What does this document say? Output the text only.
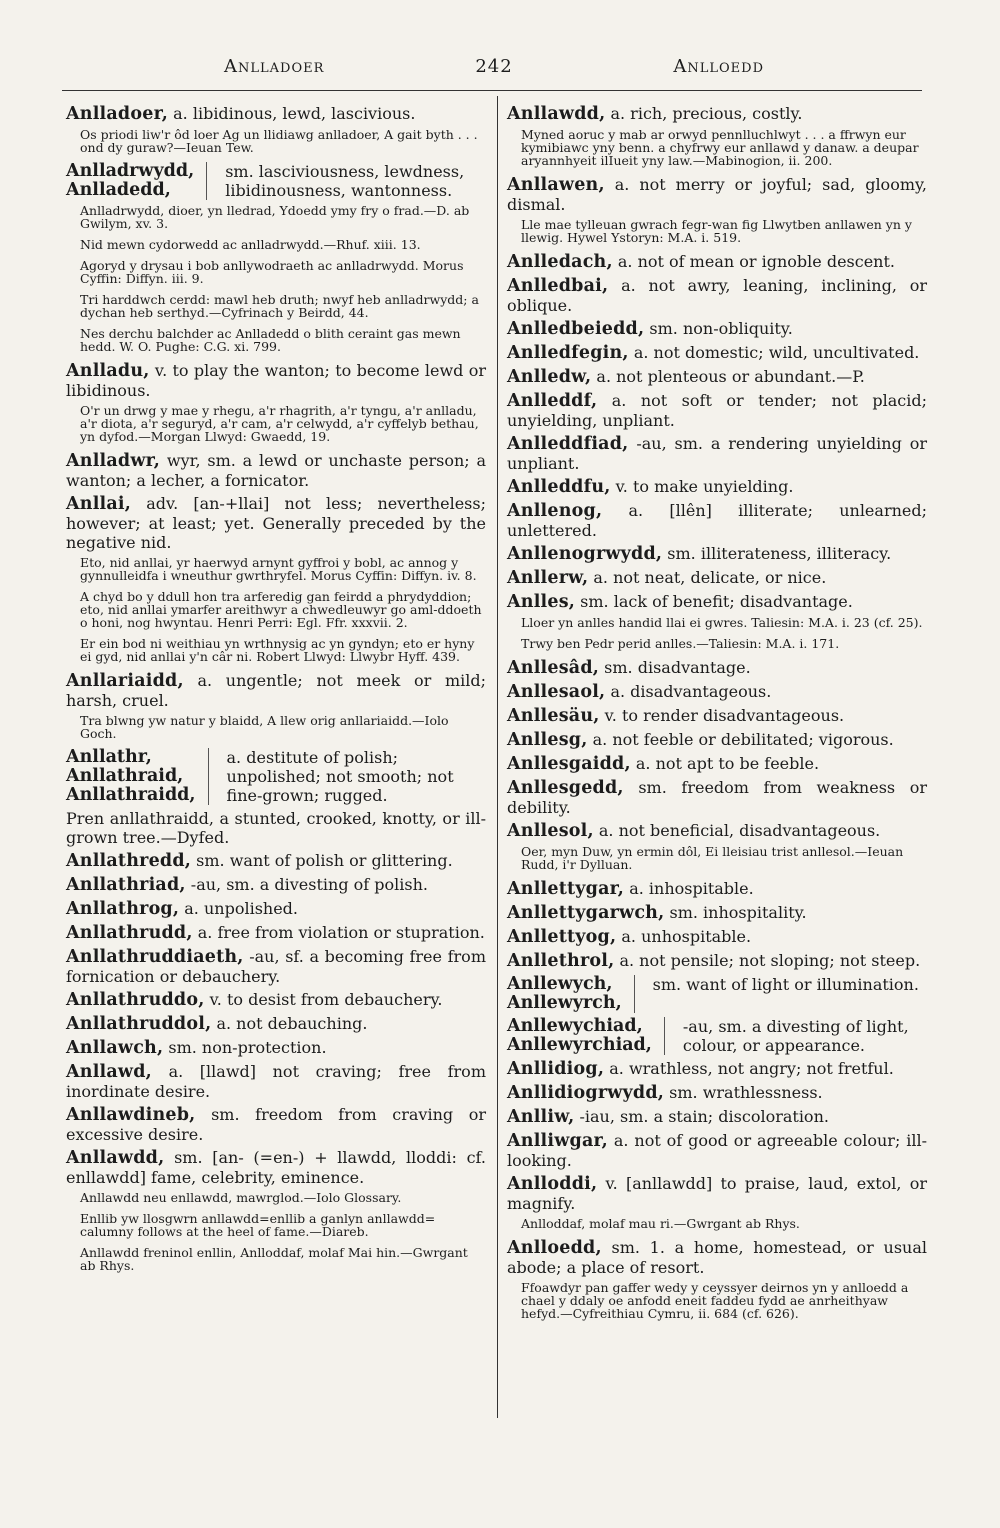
Anlladoer	242	Anlloedd
Anlladoer, a. libidinous, lewd, lascivious.
Os priodi liw'r ôd loer Ag un llidiawg anlladoer, A gait byth . . . ond dy guraw?—Ieuan Tew.
Anlladrwydd,
Anlladedd,
sm. lasciviousness, lewdness, libidinousness, wantonness.
Anlladrwydd, dioer, yn lledrad, Ydoedd ymy fry o frad.—D. ab Gwilym, xv. 3.
Nid mewn cydorwedd ac anlladrwydd.—Rhuf. xiii. 13.
Agoryd y drysau i bob anllywodraeth ac anlladrwydd. Morus Cyffin: Diffyn. iii. 9.
Tri harddwch cerdd: mawl heb druth; nwyf heb anlladrwydd; a dychan heb serthyd.—Cyfrinach y Beirdd, 44.
Nes derchu balchder ac Anlladedd o blith ceraint gas mewn hedd. W. O. Pughe: C.G. xi. 799.
Anlladu, v. to play the wanton; to become lewd or libidinous.
O'r un drwg y mae y rhegu, a'r rhagrith, a'r tyngu, a'r anlladu, a'r diota, a'r seguryd, a'r cam, a'r celwydd, a'r cyffelyb bethau, yn dyfod.—Morgan Llwyd: Gwaedd, 19.
Anlladwr, wyr, sm. a lewd or unchaste person; a wanton; a lecher, a fornicator.
Anllai, adv. [an-+llai] not less; nevertheless; however; at least; yet. Generally preceded by the negative nid.
Eto, nid anllai, yr haerwyd arnynt gyffroi y bobl, ac annog y gynnulleidfa i wneuthur gwrthryfel. Morus Cyffin: Diffyn. iv. 8.
A chyd bo y ddull hon tra arferedig gan feirdd a phrydyddion; eto, nid anllai ymarfer areithwyr a chwedleuwyr go aml-ddoeth o honi, nog hwyntau. Henri Perri: Egl. Ffr. xxxvii. 2.
Er ein bod ni weithiau yn wrthnysig ac yn gyndyn; eto er hyny ei gyd, nid anllai y'n câr ni. Robert Llwyd: Llwybr Hyff. 439.
Anllariaidd, a. ungentle; not meek or mild; harsh, cruel.
Tra blwng yw natur y blaidd, A llew orig anllariaidd.—Iolo Goch.
Anllathr,
Anllathraid,
Anllathraidd,
a. destitute of polish; unpolished; not smooth; not fine-grown; rugged.
Pren anllathraidd, a stunted, crooked, knotty, or ill-grown tree.—Dyfed.
Anllathredd, sm. want of polish or glittering.
Anllathriad, -au, sm. a divesting of polish.
Anllathrog, a. unpolished.
Anllathrudd, a. free from violation or stupration.
Anllathruddiaeth, -au, sf. a becoming free from fornication or debauchery.
Anllathruddo, v. to desist from debauchery.
Anllathruddol, a. not debauching.
Anllawch, sm. non-protection.
Anllawd, a. [llawd] not craving; free from inordinate desire.
Anllawdineb, sm. freedom from craving or excessive desire.
Anllawdd, sm. [an- (=en-) + llawdd, lloddi: cf. enllawdd] fame, celebrity, eminence.
Anllawdd neu enllawdd, mawrglod.—Iolo Glossary.
Enllib yw llosgwrn anllawdd=enllib a ganlyn anllawdd= calumny follows at the heel of fame.—Diareb.
Anllawdd freninol enllin, Anlloddaf, molaf Mai hin.—Gwrgant ab Rhys.
Anllawdd, a. rich, precious, costly.
Myned aoruc y mab ar orwyd pennlluchlwyt . . . a ffrwyn eur kymibiawc yny benn. a chyfrwy eur anllawd y danaw. a deupar aryannhyeit ilIueit yny law.—Mabinogion, ii. 200.
Anllawen, a. not merry or joyful; sad, gloomy, dismal.
Lle mae tylleuan gwrach fegr-wan fig Llwytben anllawen yn y llewig. Hywel Ystoryn: M.A. i. 519.
Anlledach, a. not of mean or ignoble descent.
Anlledbai, a. not awry, leaning, inclining, or oblique.
Anlledbeiedd, sm. non-obliquity.
Anlledfegin, a. not domestic; wild, uncultivated.
Anlledw, a. not plenteous or abundant.—P.
Anlleddf, a. not soft or tender; not placid; unyielding, unpliant.
Anlleddfiad, -au, sm. a rendering unyielding or unpliant.
Anlleddfu, v. to make unyielding.
Anllenog, a. [llên] illiterate; unlearned; unlettered.
Anllenogrwydd, sm. illiterateness, illiteracy.
Anllerw, a. not neat, delicate, or nice.
Anlles, sm. lack of benefit; disadvantage.
Lloer yn anlles handid llai ei gwres. Taliesin: M.A. i. 23 (cf. 25).
Trwy ben Pedr perid anlles.—Taliesin: M.A. i. 171.
Anllesâd, sm. disadvantage.
Anllesaol, a. disadvantageous.
Anllesäu, v. to render disadvantageous.
Anllesg, a. not feeble or debilitated; vigorous.
Anllesgaidd, a. not apt to be feeble.
Anllesgedd, sm. freedom from weakness or debility.
Anllesol, a. not beneficial, disadvantageous.
Oer, myn Duw, yn ermin dôl, Ei lleisiau trist anllesol.—Ieuan Rudd, i'r Dylluan.
Anllettygar, a. inhospitable.
Anllettygarwch, sm. inhospitality.
Anllettyog, a. unhospitable.
Anllethrol, a. not pensile; not sloping; not steep.
Anllewych,
Anllewyrch,
sm. want of light or illumination.
Anllewychiad,
Anllewyrchiad,
-au, sm. a divesting of light, colour, or appearance.
Anllidiog, a. wrathless, not angry; not fretful.
Anllidiogrwydd, sm. wrathlessness.
Anlliw, -iau, sm. a stain; discoloration.
Anlliwgar, a. not of good or agreeable colour; ill-looking.
Anlloddi, v. [anllawdd] to praise, laud, extol, or magnify.
Anlloddaf, molaf mau ri.—Gwrgant ab Rhys.
Anlloedd, sm. 1. a home, homestead, or usual abode; a place of resort.
Ffoawdyr pan gaffer wedy y ceyssyer deirnos yn y anlloedd a chael y ddaly oe anfodd eneit faddeu fydd ae anrheithyaw hefyd.—Cyfreithiau Cymru, ii. 684 (cf. 626).
